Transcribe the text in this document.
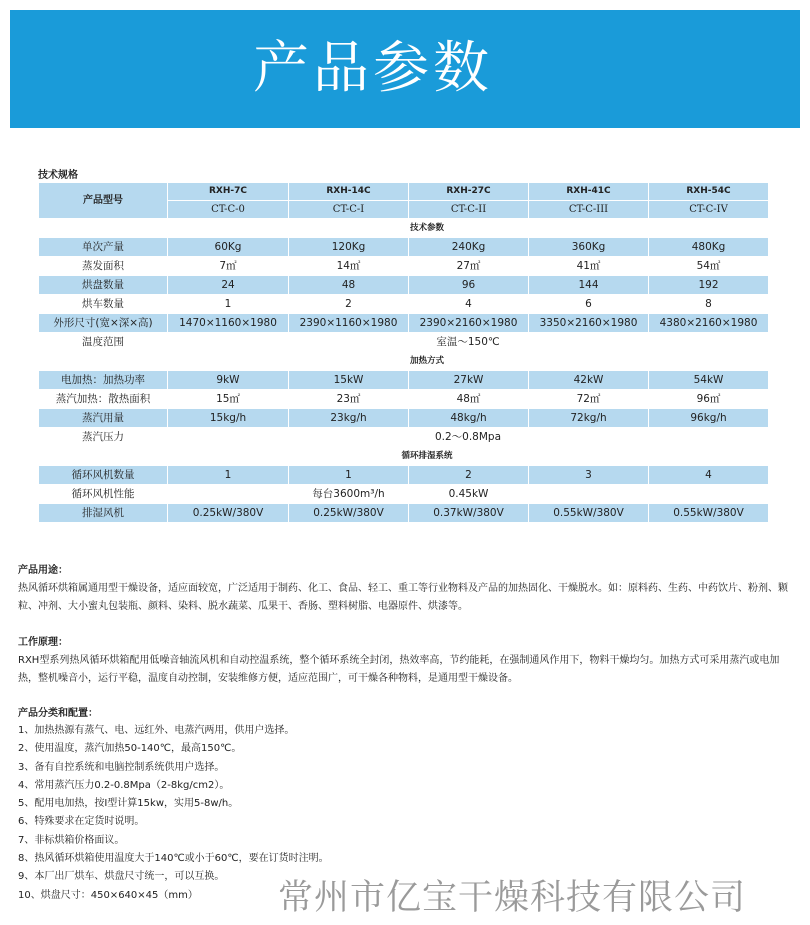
产品参数
技术规格
产品型号	RXH-7C	RXH-14C	RXH-27C	RXH-41C	RXH-54C
	CT-C-0	CT-C-I	CT-C-II	CT-C-III	CT-C-IV
技术参数					
单次产量	60Kg	120Kg	240Kg	360Kg	480Kg
蒸发面积	7㎡	14㎡	27㎡	41㎡	54㎡
烘盘数量	24	48	96	144	192
烘车数量	1	2	4	6	8
外形尺寸(宽×深×高)	1470×1160×1980	2390×1160×1980	2390×2160×1980	3350×2160×1980	4380×2160×1980
温度范围	室温～150℃				
加热方式					
电加热：加热功率	9kW	15kW	27kW	42kW	54kW
蒸汽加热：散热面积	15㎡	23㎡	48㎡	72㎡	96㎡
蒸汽用量	15kg/h	23kg/h	48kg/h	72kg/h	96kg/h
蒸汽压力	0.2～0.8Mpa				
循环排湿系统					
循环风机数量	1	1	2	3	4
循环风机性能		每台3600m³/h	0.45kW		
排湿风机	0.25kW/380V	0.25kW/380V	0.37kW/380V	0.55kW/380V	0.55kW/380V
产品用途：
热风循环烘箱属通用型干燥设备，适应面较宽，广泛适用于制药、化工、食品、轻工、重工等行业物料及产品的加热固化、干燥脱水。如：原料药、生药、中药饮片、粉剂、颗粒、冲剂、大小蜜丸包装瓶、颜料、染料、脱水蔬菜、瓜果干、香肠、塑料树脂、电器原件、烘漆等。
工作原理：
RXH型系列热风循环烘箱配用低噪音轴流风机和自动控温系统，整个循环系统全封闭，热效率高，节约能耗，在强制通风作用下，物料干燥均匀。加热方式可采用蒸汽或电加热，整机噪音小，运行平稳，温度自动控制，安装维修方便，适应范围广，可干燥各种物料，是通用型干燥设备。
产品分类和配置：
1、加热热源有蒸气、电、远红外、电蒸汽两用，供用户选择。
2、使用温度，蒸汽加热50-140℃，最高150℃。
3、备有自控系统和电脑控制系统供用户选择。
4、常用蒸汽压力0.2-0.8Mpa（2-8kg/cm2）。
5、配用电加热，按Ⅰ型计算15kw，实用5-8w/h。
6、特殊要求在定货时说明。
7、非标烘箱价格面议。
8、热风循环烘箱使用温度大于140℃或小于60℃，要在订货时注明。
9、本厂出厂烘车、烘盘尺寸统一，可以互换。
10、烘盘尺寸：450×640×45（mm）	常州市亿宝干燥科技有限公司
